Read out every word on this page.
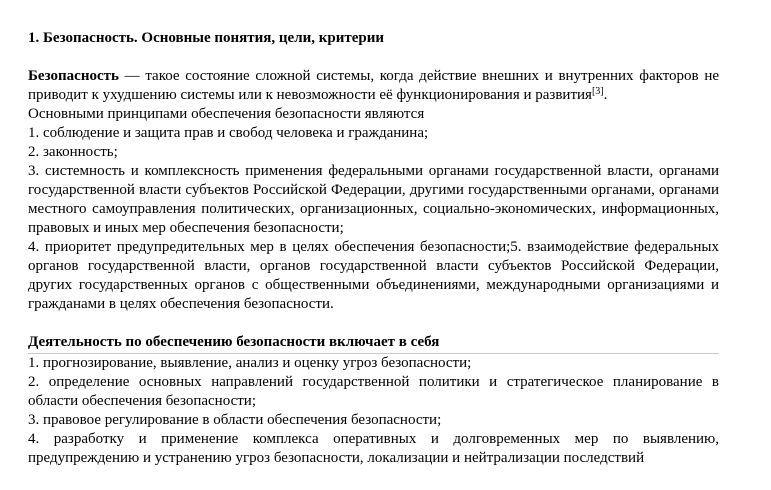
1. Безопасность. Основные понятия, цели, критерии

Безопасность — такое состояние сложной системы, когда действие внешних и внутренних факторов не приводит к ухудшению системы или к невозможности её функционирования и развития[3].

Основными принципами обеспечения безопасности являются

1. соблюдение и защита прав и свобод человека и гражданина;

2. законность;

3. системность и комплексность применения федеральными органами государственной власти, органами государственной власти субъектов Российской Федерации, другими государственными органами, органами местного самоуправления политических, организационных, социально-экономических, информационных, правовых и иных мер обеспечения безопасности;

4. приоритет предупредительных мер в целях обеспечения безопасности;5. взаимодействие федеральных органов государственной власти, органов государственной власти субъектов Российской Федерации, других государственных органов с общественными объединениями, международными организациями и гражданами в целях обеспечения безопасности.

Деятельность по обеспечению безопасности включает в себя

1. прогнозирование, выявление, анализ и оценку угроз безопасности;

2. определение основных направлений государственной политики и стратегическое планирование в области обеспечения безопасности;

3. правовое регулирование в области обеспечения безопасности;

4. разработку и применение комплекса оперативных и долговременных мер по выявлению, предупреждению и устранению угроз безопасности, локализации и нейтрализации последствий
